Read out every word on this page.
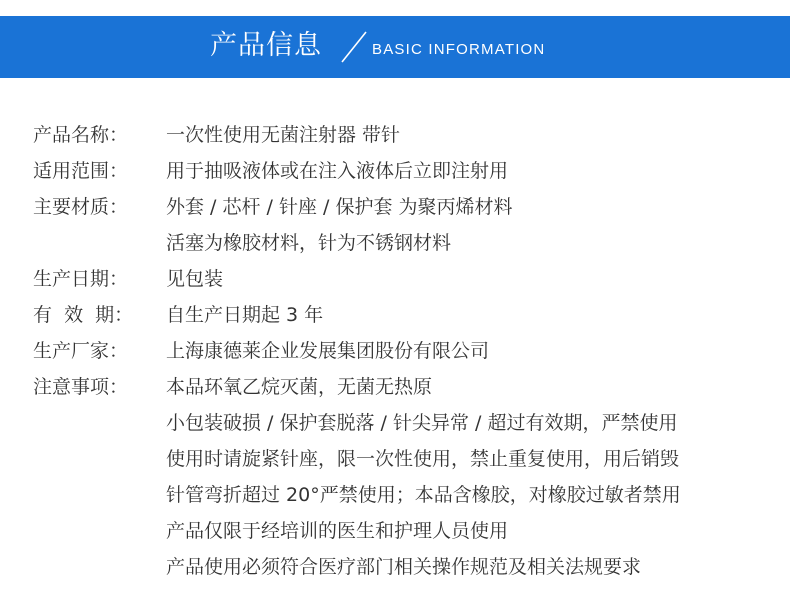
产品信息	BASIC INFORMATION
产品名称：	一次性使用无菌注射器 带针
适用范围：	用于抽吸液体或在注入液体后立即注射用
主要材质：	外套 / 芯杆 / 针座 / 保护套 为聚丙烯材料
活塞为橡胶材料，针为不锈钢材料
生产日期：	见包装
有  效  期：	自生产日期起 3 年
生产厂家：	上海康德莱企业发展集团股份有限公司
注意事项：	本品环氧乙烷灭菌，无菌无热原
小包装破损 / 保护套脱落 / 针尖异常 / 超过有效期，严禁使用
使用时请旋紧针座，限一次性使用，禁止重复使用，用后销毁
针管弯折超过 20°严禁使用；本品含橡胶，对橡胶过敏者禁用
产品仅限于经培训的医生和护理人员使用
产品使用必须符合医疗部门相关操作规范及相关法规要求
